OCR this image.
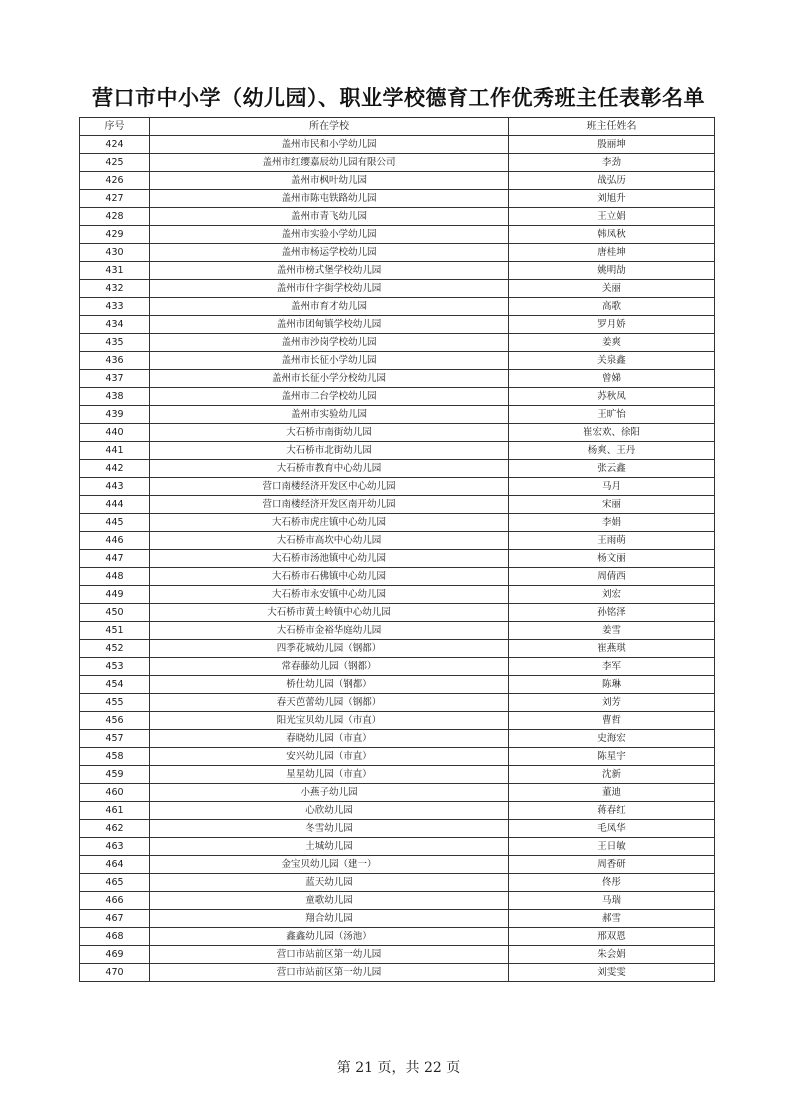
营口市中小学（幼儿园）、职业学校德育工作优秀班主任表彰名单
序号	所在学校	班主任姓名
424	盖州市民和小学幼儿园	殷丽坤
425	盖州市红缨嘉辰幼儿园有限公司	李劲
426	盖州市枫叶幼儿园	战弘历
427	盖州市陈屯铁路幼儿园	刘旭升
428	盖州市青飞幼儿园	王立娟
429	盖州市实验小学幼儿园	韩凤秋
430	盖州市杨运学校幼儿园	唐桂坤
431	盖州市榜式堡学校幼儿园	姚明劼
432	盖州市什字街学校幼儿园	关丽
433	盖州市育才幼儿园	高歌
434	盖州市团甸镇学校幼儿园	罗月娇
435	盖州市沙岗学校幼儿园	姜爽
436	盖州市长征小学幼儿园	关泉鑫
437	盖州市长征小学分校幼儿园	曾娣
438	盖州市二台学校幼儿园	苏秋凤
439	盖州市实验幼儿园	王旷怡
440	大石桥市南街幼儿园	崔宏欢、徐阳
441	大石桥市北街幼儿园	杨爽、王丹
442	大石桥市教育中心幼儿园	张云鑫
443	营口南楼经济开发区中心幼儿园	马月
444	营口南楼经济开发区南开幼儿园	宋丽
445	大石桥市虎庄镇中心幼儿园	李娟
446	大石桥市高坎中心幼儿园	王雨萌
447	大石桥市汤池镇中心幼儿园	杨文丽
448	大石桥市石佛镇中心幼儿园	周倩西
449	大石桥市永安镇中心幼儿园	刘宏
450	大石桥市黄土岭镇中心幼儿园	孙铭泽
451	大石桥市金裕华庭幼儿园	姜雪
452	四季花城幼儿园（钢都）	崔燕琪
453	常春藤幼儿园（钢都）	李军
454	桥仕幼儿园（钢都）	陈琳
455	春天芭蕾幼儿园（钢都）	刘芳
456	阳光宝贝幼儿园（市直）	曹哲
457	春晓幼儿园（市直）	史海宏
458	安兴幼儿园（市直）	陈星宇
459	星星幼儿园（市直）	沈新
460	小燕子幼儿园	董迪
461	心欣幼儿园	蒋春红
462	冬雪幼儿园	毛凤华
463	土城幼儿园	王日敏
464	金宝贝幼儿园（建一）	周香研
465	蓝天幼儿园	佟彤
466	童歌幼儿园	马瑞
467	翔合幼儿园	郝雪
468	鑫鑫幼儿园（汤池）	邢双恩
469	营口市站前区第一幼儿园	朱会娟
470	营口市站前区第一幼儿园	刘雯雯
第 21 页，共 22 页
